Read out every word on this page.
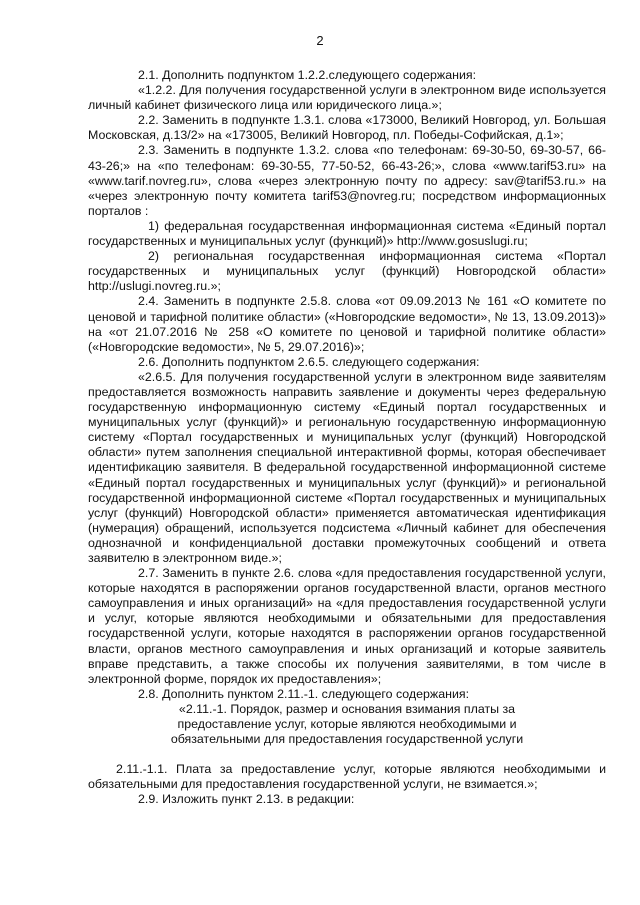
2

2.1. Дополнить подпунктом 1.2.2.следующего содержания:

«1.2.2. Для получения государственной услуги в электронном виде используется личный кабинет физического лица или юридического лица.»;

2.2. Заменить в подпункте 1.3.1. слова «173000, Великий Новгород, ул. Большая Московская, д.13/2» на «173005, Великий Новгород, пл. Победы-Софийская, д.1»;

2.3. Заменить в подпункте 1.3.2. слова «по телефонам: 69-30-50, 69-30-57, 66-43-26;» на «по телефонам: 69-30-55, 77-50-52, 66-43-26;», слова «www.tarif53.ru» на «www.tarif.novreg.ru», слова «через электронную почту по адресу: sav@tarif53.ru.» на «через электронную почту комитета tarif53@novreg.ru; посредством информационных порталов :

1) федеральная государственная информационная система «Единый портал государственных и муниципальных услуг (функций)» http://www.gosuslugi.ru;

2) региональная государственная информационная система «Портал государственных и муниципальных услуг (функций) Новгородской области» http://uslugi.novreg.ru.»;

2.4. Заменить в подпункте 2.5.8. слова «от 09.09.2013 № 161 «О комитете по ценовой и тарифной политике области» («Новгородские ведомости», № 13, 13.09.2013)» на «от 21.07.2016 № 258 «О комитете по ценовой и тарифной политике области» («Новгородские ведомости», № 5, 29.07.2016)»;

2.6. Дополнить подпунктом 2.6.5. следующего содержания:

«2.6.5. Для получения государственной услуги в электронном виде заявителям предоставляется возможность направить заявление и документы через федеральную государственную информационную систему «Единый портал государственных и муниципальных услуг (функций)» и региональную государственную информационную систему «Портал государственных и муниципальных услуг (функций) Новгородской области» путем заполнения специальной интерактивной формы, которая обеспечивает идентификацию заявителя. В федеральной государственной информационной системе «Единый портал государственных и муниципальных услуг (функций)» и региональной государственной информационной системе «Портал государственных и муниципальных услуг (функций) Новгородской области» применяется автоматическая идентификация (нумерация) обращений, используется подсистема «Личный кабинет для обеспечения однозначной и конфиденциальной доставки промежуточных сообщений и ответа заявителю в электронном виде.»;

2.7. Заменить в пункте 2.6. слова «для предоставления государственной услуги, которые находятся в распоряжении органов государственной власти, органов местного самоуправления и иных организаций» на «для предоставления государственной услуги и услуг, которые являются необходимыми и обязательными для предоставления государственной услуги, которые находятся в распоряжении органов государственной власти, органов местного самоуправления и иных организаций и которые заявитель вправе представить, а также способы их получения заявителями, в том числе в электронной форме, порядок их предоставления»;

2.8. Дополнить пунктом 2.11.-1. следующего содержания:

«2.11.-1. Порядок, размер и основания взимания платы за

предоставление услуг, которые являются необходимыми и

обязательными для предоставления государственной услуги

2.11.-1.1. Плата за предоставление услуг, которые являются необходимыми и обязательными для предоставления государственной услуги, не взимается.»;

2.9. Изложить пункт 2.13. в редакции:
